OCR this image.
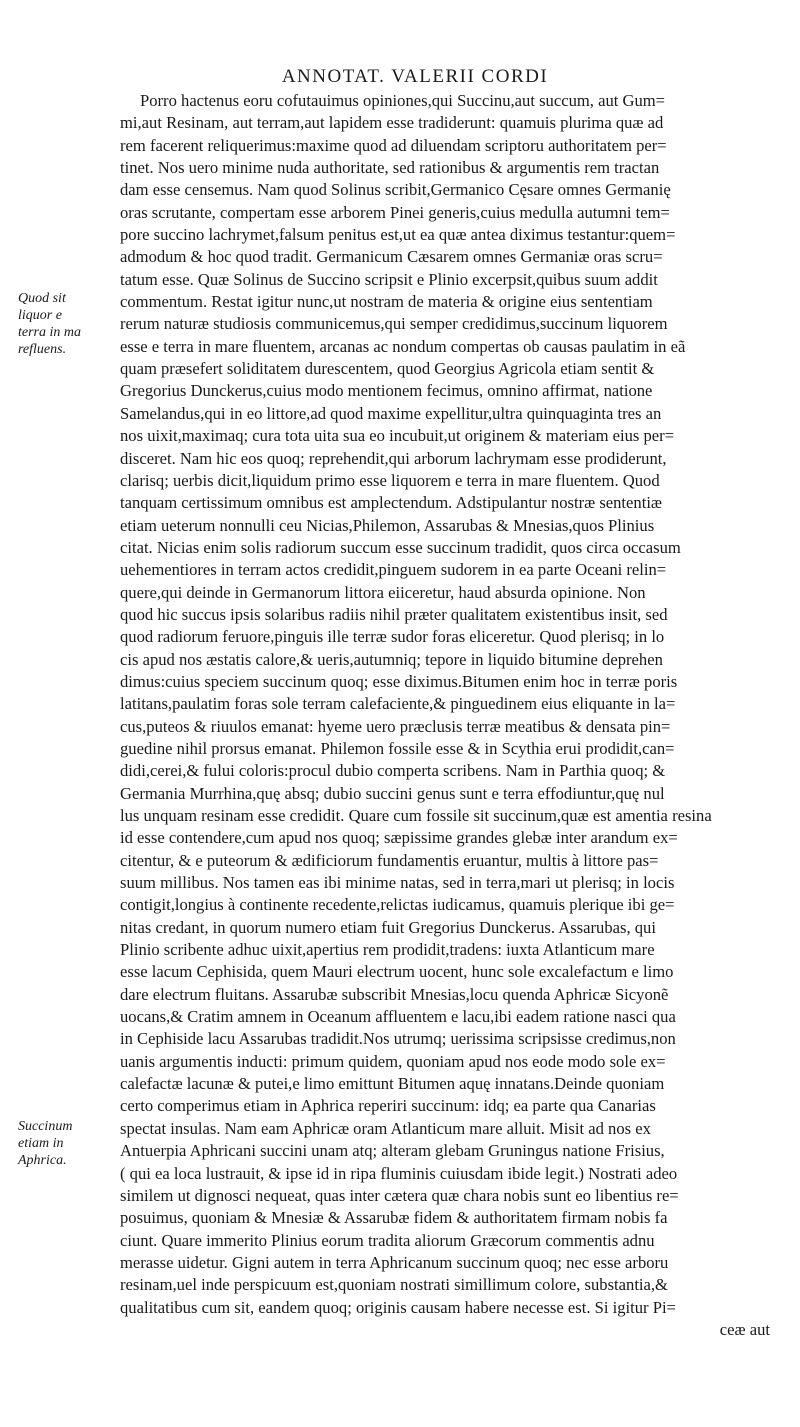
ANNOTAT. VALERII CORDI
Quod sit
liquor e
terra in ma
refluens.
Succinum
etiam in
Aphrica.
Porro hactenus eoru cofutauimus opiniones,qui Succinu,aut succum, aut Gum=
mi,aut Resinam, aut terram,aut lapidem esse tradiderunt: quamuis plurima quæ ad
rem facerent reliquerimus:maxime quod ad diluendam scriptoru authoritatem per=
tinet. Nos uero minime nuda authoritate, sed rationibus & argumentis rem tractan
dam esse censemus. Nam quod Solinus scribit,Germanico Cęsare omnes Germanię
oras scrutante, compertam esse arborem Pinei generis,cuius medulla autumni tem=
pore succino lachrymet,falsum penitus est,ut ea quæ antea diximus testantur:quem=
admodum & hoc quod tradit. Germanicum Cæsarem omnes Germaniæ oras scru=
tatum esse. Quæ Solinus de Succino scripsit e Plinio excerpsit,quibus suum addit
commentum. Restat igitur nunc,ut nostram de materia & origine eius sententiam
rerum naturæ studiosis communicemus,qui semper credidimus,succinum liquorem
esse e terra in mare fluentem, arcanas ac nondum compertas ob causas paulatim in eã
quam præsefert soliditatem durescentem, quod Georgius Agricola etiam sentit &
Gregorius Dunckerus,cuius modo mentionem fecimus, omnino affirmat, natione
Samelandus,qui in eo littore,ad quod maxime expellitur,ultra quinquaginta tres an
nos uixit,maximaq; cura tota uita sua eo incubuit,ut originem & materiam eius per=
disceret. Nam hic eos quoq; reprehendit,qui arborum lachrymam esse prodiderunt,
clarisq; uerbis dicit,liquidum primo esse liquorem e terra in mare fluentem. Quod
tanquam certissimum omnibus est amplectendum. Adstipulantur nostræ sententiæ
etiam ueterum nonnulli ceu Nicias,Philemon, Assarubas & Mnesias,quos Plinius
citat. Nicias enim solis radiorum succum esse succinum tradidit, quos circa occasum
uehementiores in terram actos credidit,pinguem sudorem in ea parte Oceani relin=
quere,qui deinde in Germanorum littora eiiceretur, haud absurda opinione. Non
quod hic succus ipsis solaribus radiis nihil præter qualitatem existentibus insit, sed
quod radiorum feruore,pinguis ille terræ sudor foras eliceretur. Quod plerisq; in lo
cis apud nos æstatis calore,& ueris,autumniq; tepore in liquido bitumine deprehen
dimus:cuius speciem succinum quoq; esse diximus.Bitumen enim hoc in terræ poris
latitans,paulatim foras sole terram calefaciente,& pinguedinem eius eliquante in la=
cus,puteos & riuulos emanat: hyeme uero præclusis terræ meatibus & densata pin=
guedine nihil prorsus emanat. Philemon fossile esse & in Scythia erui prodidit,can=
didi,cerei,& fului coloris:procul dubio comperta scribens. Nam in Parthia quoq; &
Germania Murrhina,quę absq; dubio succini genus sunt e terra effodiuntur,quę nul
lus unquam resinam esse credidit. Quare cum fossile sit succinum,quæ est amentia resina
id esse contendere,cum apud nos quoq; sæpissime grandes glebæ inter arandum ex=
citentur, & e puteorum & ædificiorum fundamentis eruantur, multis à littore pas=
suum millibus. Nos tamen eas ibi minime natas, sed in terra,mari ut plerisq; in locis
contigit,longius à continente recedente,relictas iudicamus, quamuis plerique ibi ge=
nitas credant, in quorum numero etiam fuit Gregorius Dunckerus. Assarubas, qui
Plinio scribente adhuc uixit,apertius rem prodidit,tradens: iuxta Atlanticum mare
esse lacum Cephisida, quem Mauri electrum uocent, hunc sole excalefactum e limo
dare electrum fluitans. Assarubæ subscribit Mnesias,locu quenda Aphricæ Sicyonẽ
uocans,& Cratim amnem in Oceanum affluentem e lacu,ibi eadem ratione nasci qua
in Cephiside lacu Assarubas tradidit.Nos utrumq; uerissima scripsisse credimus,non
uanis argumentis inducti: primum quidem, quoniam apud nos eode modo sole ex=
calefactæ lacunæ & putei,e limo emittunt Bitumen aquę innatans.Deinde quoniam
certo comperimus etiam in Aphrica reperiri succinum: idq; ea parte qua Canarias
spectat insulas. Nam eam Aphricæ oram Atlanticum mare alluit. Misit ad nos ex
Antuerpia Aphricani succini unam atq; alteram glebam Gruningus natione Frisius,
( qui ea loca lustrauit, & ipse id in ripa fluminis cuiusdam ibide legit.) Nostrati adeo
similem ut dignosci nequeat, quas inter cætera quæ chara nobis sunt eo libentius re=
posuimus, quoniam & Mnesiæ & Assarubæ fidem & authoritatem firmam nobis fa
ciunt. Quare immerito Plinius eorum tradita aliorum Græcorum commentis adnu
merasse uidetur. Gigni autem in terra Aphricanum succinum quoq; nec esse arboru
resinam,uel inde perspicuum est,quoniam nostrati simillimum colore, substantia,&
qualitatibus cum sit, eandem quoq; originis causam habere necesse est. Si igitur Pi=
ceæ aut
